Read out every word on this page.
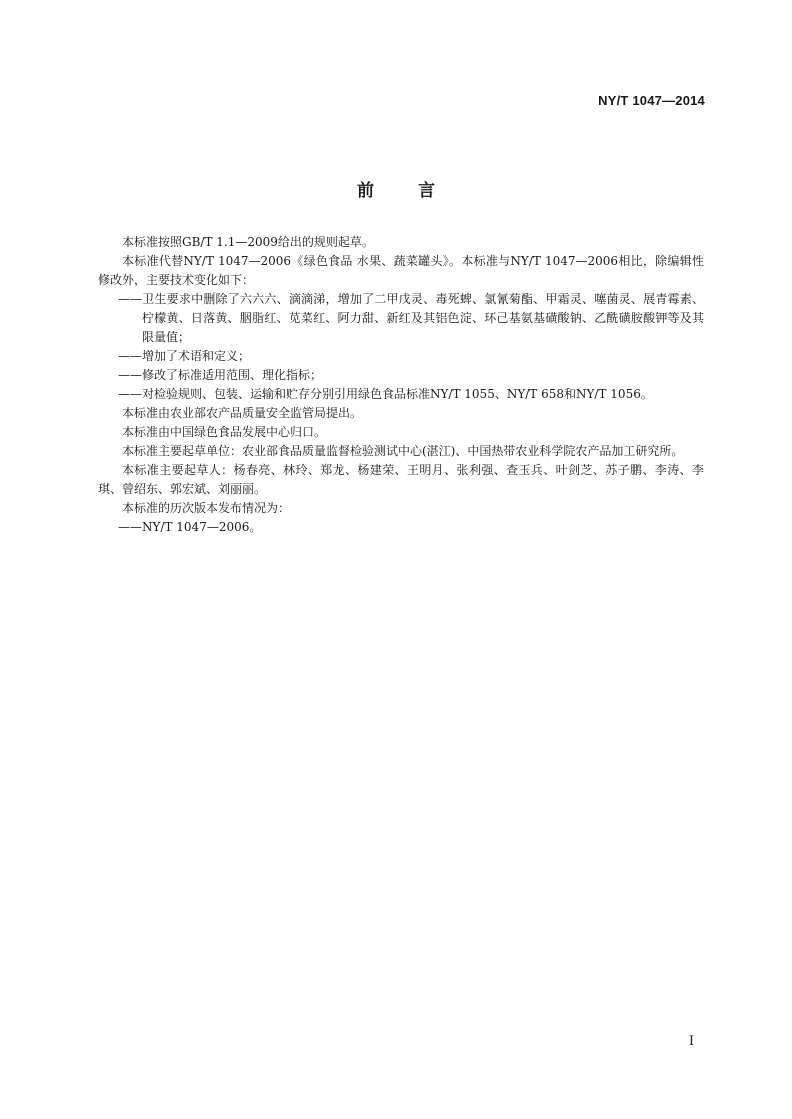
NY/T 1047—2014
前	言

本标准按照GB/T 1.1—2009给出的规则起草。

本标准代替NY/T 1047—2006《绿色食品 水果、蔬菜罐头》。本标准与NY/T 1047—2006相比，除编辑性修改外，主要技术变化如下：

——卫生要求中删除了六六六、滴滴涕，增加了二甲戊灵、毒死蜱、氯氰菊酯、甲霜灵、噻菌灵、展青霉素、柠檬黄、日落黄、胭脂红、苋菜红、阿力甜、新红及其铝色淀、环己基氨基磺酸钠、乙酰磺胺酸钾等及其限量值；

——增加了术语和定义；

——修改了标准适用范围、理化指标；

——对检验规则、包装、运输和贮存分别引用绿色食品标准NY/T 1055、NY/T 658和NY/T 1056。

本标准由农业部农产品质量安全监管局提出。

本标准由中国绿色食品发展中心归口。

本标准主要起草单位：农业部食品质量监督检验测试中心(湛江)、中国热带农业科学院农产品加工研究所。

本标准主要起草人：杨春亮、林玲、郑龙、杨建荣、王明月、张利强、查玉兵、叶剑芝、苏子鹏、李涛、李琪、曾绍东、郭宏斌、刘丽丽。

本标准的历次版本发布情况为：

——NY/T 1047—2006。

I
